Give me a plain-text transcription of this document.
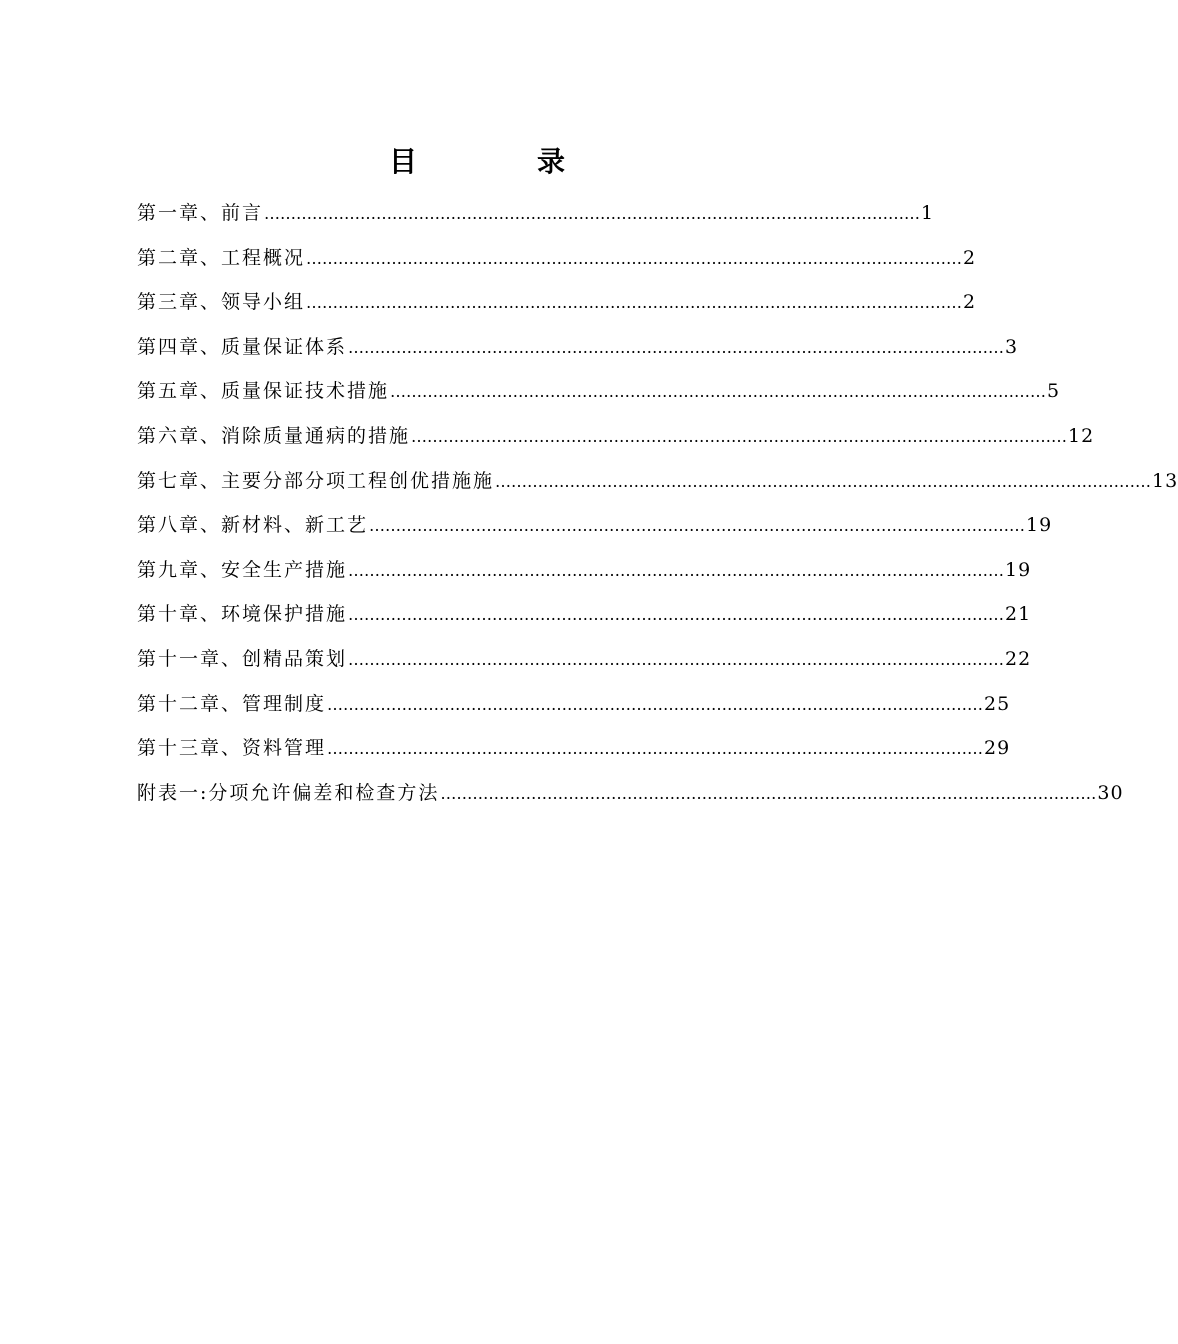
目　录
第一章、前言 …………………………………………………………………………………………………………… 1
第二章、工程概况 …………………………………………………………………………………………………………… 2
第三章、领导小组 …………………………………………………………………………………………………………… 2
第四章、质量保证体系 …………………………………………………………………………………………………………… 3
第五章、质量保证技术措施 …………………………………………………………………………………………………………… 5
第六章、消除质量通病的措施 …………………………………………………………………………………………………………… 12
第七章、主要分部分项工程创优措施施 …………………………………………………………………………………………………………… 13
第八章、新材料、新工艺 …………………………………………………………………………………………………………… 19
第九章、安全生产措施 …………………………………………………………………………………………………………… 19
第十章、环境保护措施 …………………………………………………………………………………………………………… 21
第十一章、创精品策划 …………………………………………………………………………………………………………… 22
第十二章、管理制度 …………………………………………………………………………………………………………… 25
第十三章、资料管理 …………………………………………………………………………………………………………… 29
附表一:分项允许偏差和检查方法 …………………………………………………………………………………………………………… 30
